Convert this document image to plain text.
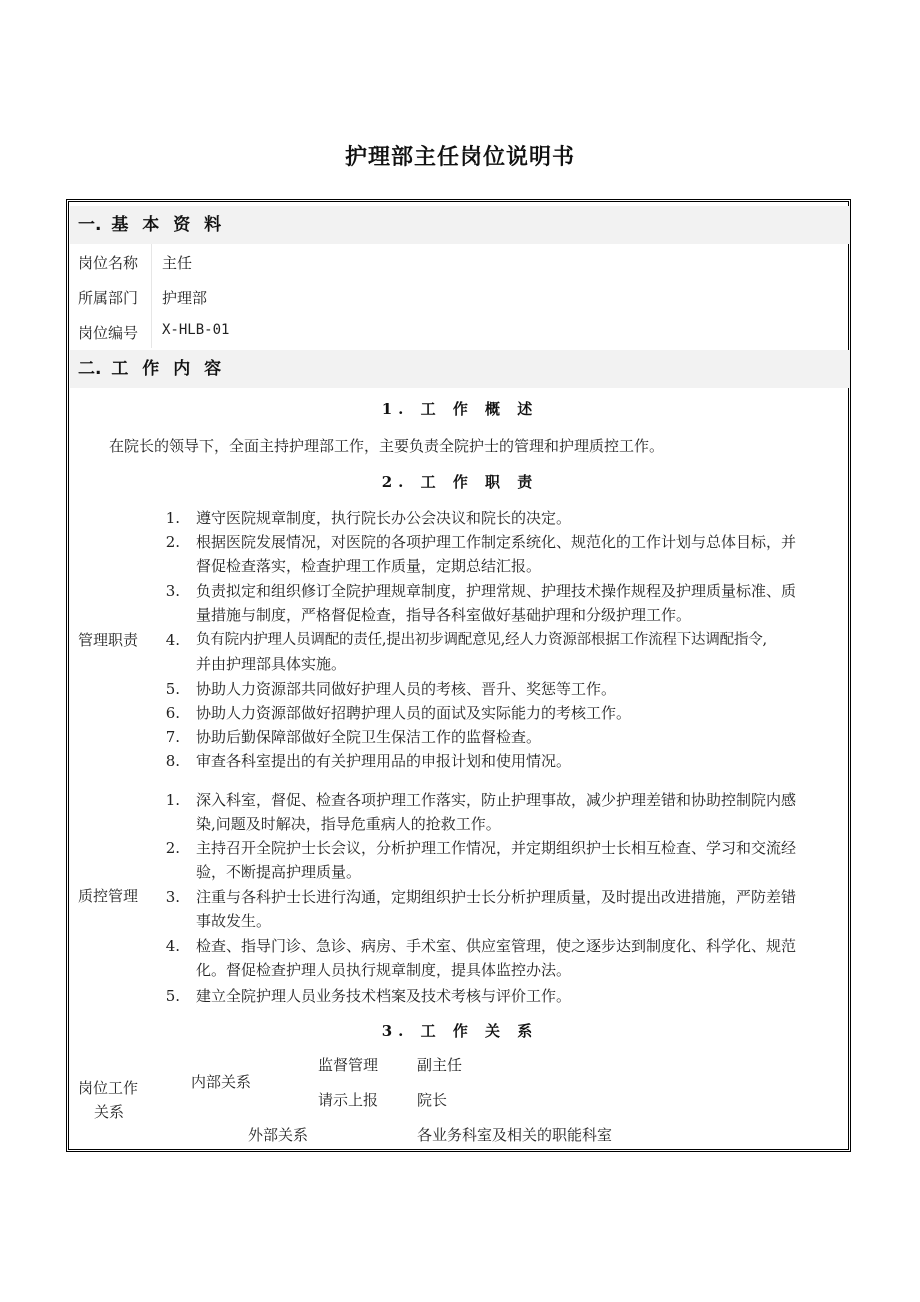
护理部主任岗位说明书
一. 基 本 资 料
岗位名称 主任
所属部门 护理部
岗位编号 X-HLB-01
二. 工 作 内 容
1. 工 作 概 述
在院长的领导下，全面主持护理部工作，主要负责全院护士的管理和护理质控工作。
2. 工 作 职 责
管理职责
1. 遵守医院规章制度，执行院长办公会决议和院长的决定。
2. 根据医院发展情况，对医院的各项护理工作制定系统化、规范化的工作计划与总体目标，并
督促检查落实，检查护理工作质量，定期总结汇报。
3. 负责拟定和组织修订全院护理规章制度，护理常规、护理技术操作规程及护理质量标准、质
量措施与制度，严格督促检查，指导各科室做好基础护理和分级护理工作。
4. 负有院内护理人员调配的责任,提出初步调配意见,经人力资源部根据工作流程下达调配指令,
并由护理部具体实施。
5. 协助人力资源部共同做好护理人员的考核、晋升、奖惩等工作。
6. 协助人力资源部做好招聘护理人员的面试及实际能力的考核工作。
7. 协助后勤保障部做好全院卫生保洁工作的监督检查。
8. 审查各科室提出的有关护理用品的申报计划和使用情况。
质控管理
1. 深入科室，督促、检查各项护理工作落实，防止护理事故，减少护理差错和协助控制院内感
染,问题及时解决，指导危重病人的抢救工作。
2. 主持召开全院护士长会议，分析护理工作情况，并定期组织护士长相互检查、学习和交流经
验，不断提高护理质量。
3. 注重与各科护士长进行沟通，定期组织护士长分析护理质量，及时提出改进措施，严防差错
事故发生。
4. 检查、指导门诊、急诊、病房、手术室、供应室管理，使之逐步达到制度化、科学化、规范
化。督促检查护理人员执行规章制度，提具体监控办法。
5. 建立全院护理人员业务技术档案及技术考核与评价工作。
3. 工 作 关 系
岗位工作
关系
内部关系
监督管理	副主任
请示上报	院长
外部关系	各业务科室及相关的职能科室
